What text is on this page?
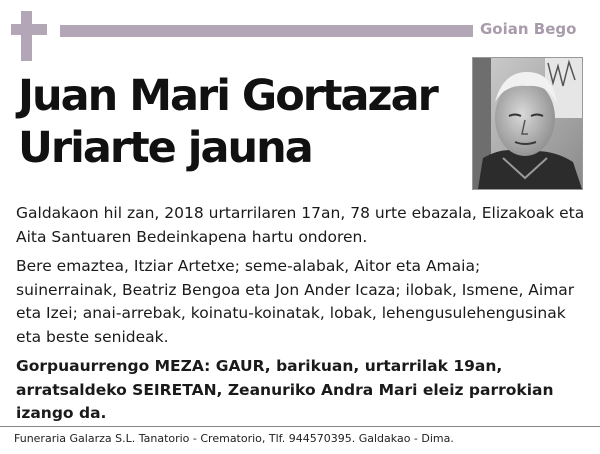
Goian Bego
Juan Mari Gortazar
Uriarte jauna

Galdakaon hil zan, 2018 urtarrilaren 17an, 78 urte ebazala, Elizakoak eta Aita Santuaren Bedeinkapena hartu ondoren.

Bere emaztea, Itziar Artetxe; seme-alabak, Aitor eta Amaia; suinerrainak, Beatriz Bengoa eta Jon Ander Icaza; ilobak, Ismene, Aimar eta Izei; anai-arrebak, koinatu-koinatak, lobak, lehengusulehengusinak eta beste senideak.

Gorpuaurrengo MEZA: GAUR, barikuan, urtarrilak 19an, arratsaldeko SEIRETAN, Zeanuriko Andra Mari eleiz parrokian izango da.

Funeraria Galarza S.L. Tanatorio - Crematorio, Tlf. 944570395. Galdakao - Dima.
